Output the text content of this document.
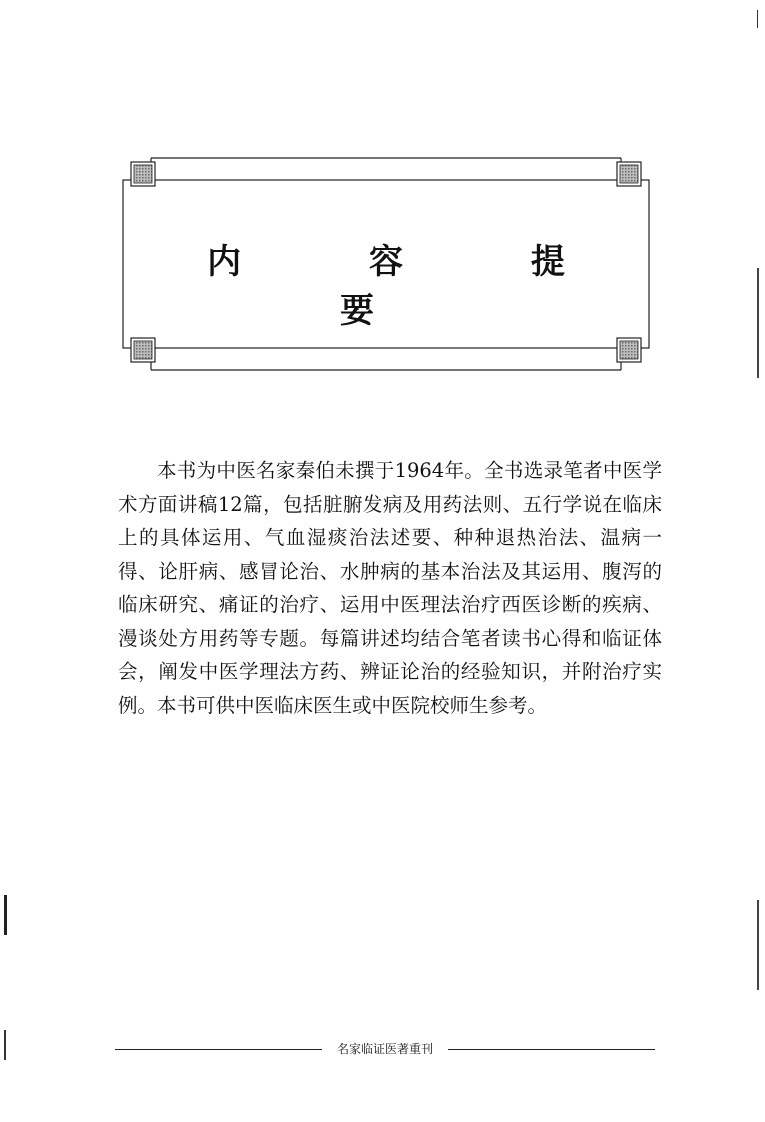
内 容 提 要
本书为中医名家秦伯未撰于1964年。全书选录笔者中医学术方面讲稿12篇，包括脏腑发病及用药法则、五行学说在临床上的具体运用、气血湿痰治法述要、种种退热治法、温病一得、论肝病、感冒论治、水肿病的基本治法及其运用、腹泻的临床研究、痛证的治疗、运用中医理法治疗西医诊断的疾病、漫谈处方用药等专题。每篇讲述均结合笔者读书心得和临证体会，阐发中医学理法方药、辨证论治的经验知识，并附治疗实例。本书可供中医临床医生或中医院校师生参考。
名家临证医著重刊
